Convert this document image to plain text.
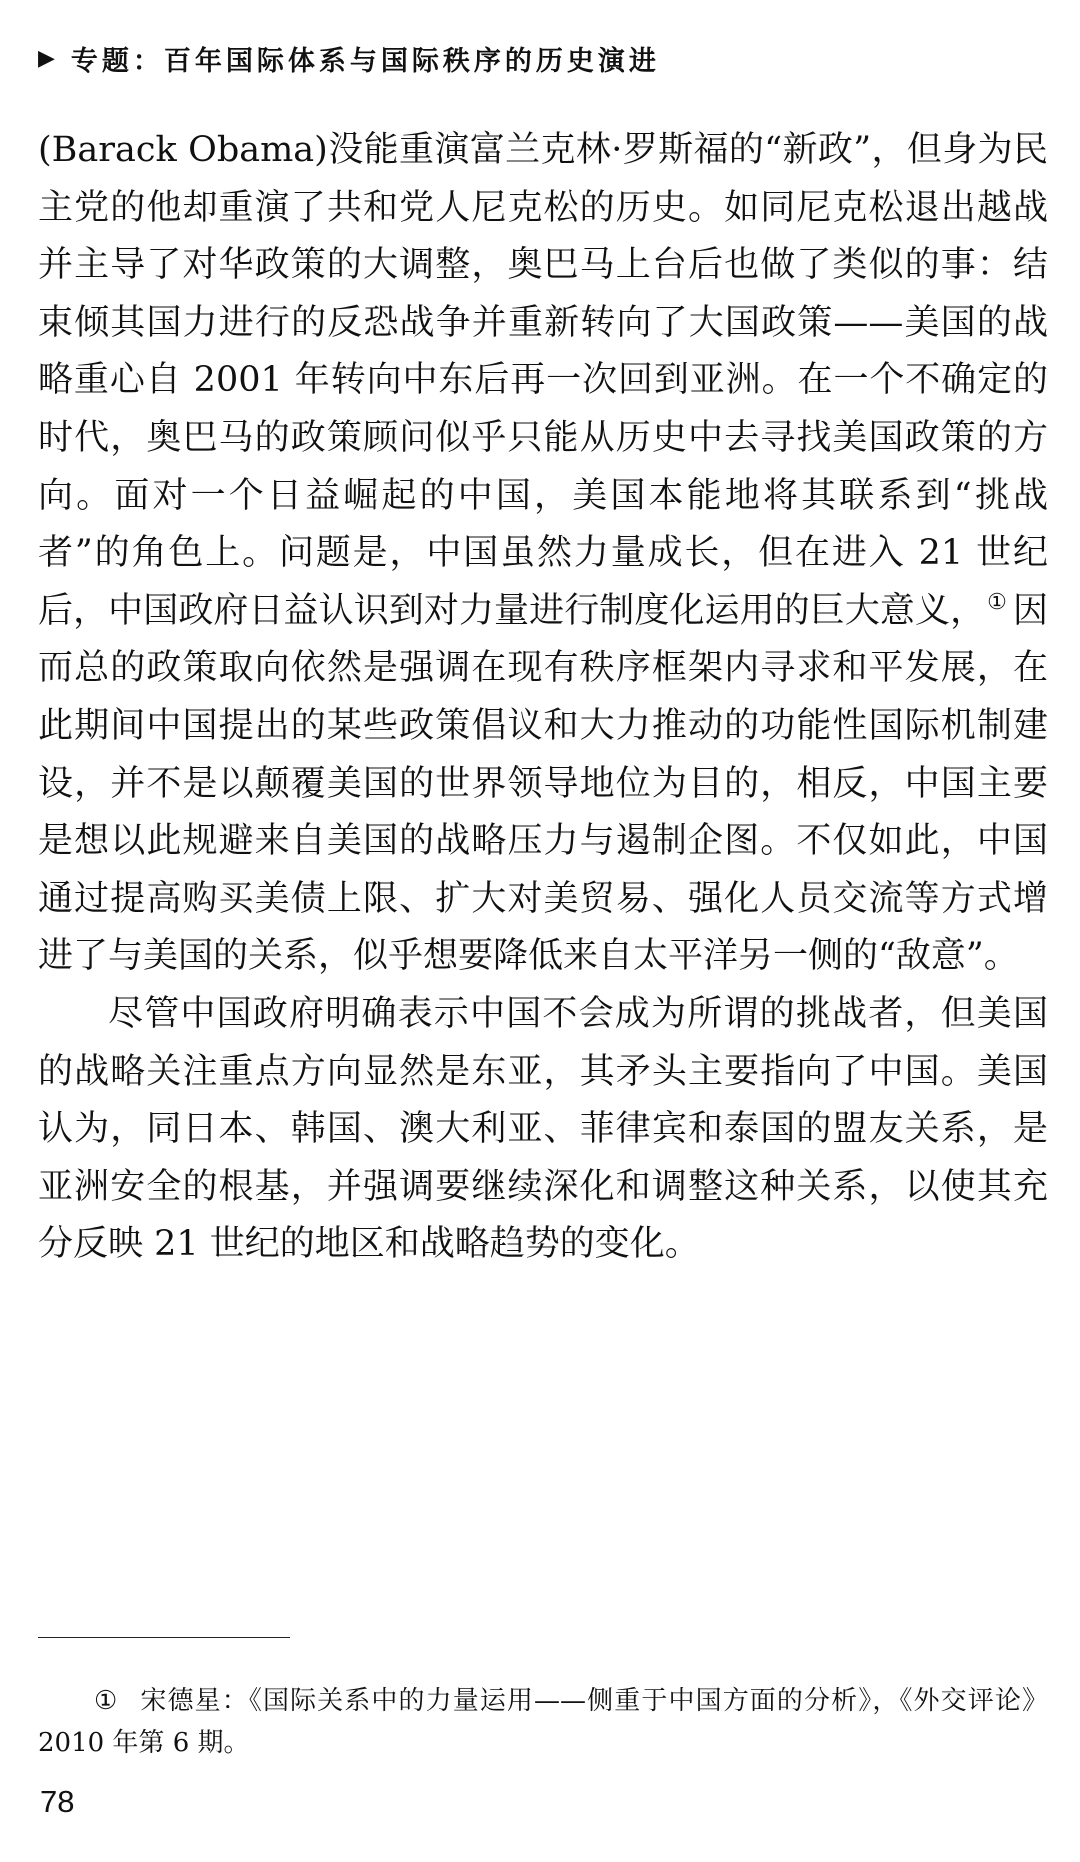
▶ 专题：百年国际体系与国际秩序的历史演进

(Barack Obama)没能重演富兰克林·罗斯福的“新政”，但身为民主党的他却重演了共和党人尼克松的历史。如同尼克松退出越战并主导了对华政策的大调整，奥巴马上台后也做了类似的事：结束倾其国力进行的反恐战争并重新转向了大国政策——美国的战略重心自 2001 年转向中东后再一次回到亚洲。在一个不确定的时代，奥巴马的政策顾问似乎只能从历史中去寻找美国政策的方向。面对一个日益崛起的中国，美国本能地将其联系到“挑战者”的角色上。问题是，中国虽然力量成长，但在进入 21 世纪后，中国政府日益认识到对力量进行制度化运用的巨大意义，① 因而总的政策取向依然是强调在现有秩序框架内寻求和平发展，在此期间中国提出的某些政策倡议和大力推动的功能性国际机制建设，并不是以颠覆美国的世界领导地位为目的，相反，中国主要是想以此规避来自美国的战略压力与遏制企图。不仅如此，中国通过提高购买美债上限、扩大对美贸易、强化人员交流等方式增进了与美国的关系，似乎想要降低来自太平洋另一侧的“敌意”。

尽管中国政府明确表示中国不会成为所谓的挑战者，但美国的战略关注重点方向显然是东亚，其矛头主要指向了中国。美国认为，同日本、韩国、澳大利亚、菲律宾和泰国的盟友关系，是亚洲安全的根基，并强调要继续深化和调整这种关系，以使其充分反映 21 世纪的地区和战略趋势的变化。

① 宋德星：《国际关系中的力量运用——侧重于中国方面的分析》，《外交评论》2010 年第 6 期。
78
